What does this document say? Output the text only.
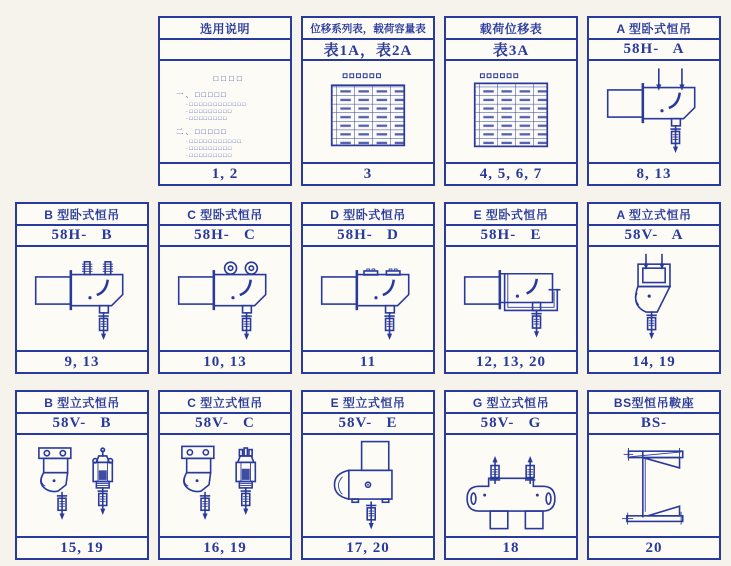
选用说明
□□□□
一、□□□□□
·□□□□□□□□□□□□
·□□□□□□□□□
·□□□□□□□□
二、□□□□□
·□□□□□□□□□□□
·□□□□□□□□□
·□□□□□□□□□
1, 2
位移系列表，载荷容量表
表1A，表2A
3
载荷位移表
表3A
4, 5, 6, 7
A 型卧式恒吊
58H-   A
8, 13
B 型卧式恒吊
58H-   B
9, 13
C 型卧式恒吊
58H-   C
10, 13
D 型卧式恒吊
58H-   D
11
E 型卧式恒吊
58H-   E
12, 13, 20
A 型立式恒吊
58V-   A
14, 19
B 型立式恒吊
58V-   B
15, 19
C 型立式恒吊
58V-   C
16, 19
E 型立式恒吊
58V-   E
17, 20
G 型立式恒吊
58V-   G
18
BS型恒吊鞍座
BS-
20
